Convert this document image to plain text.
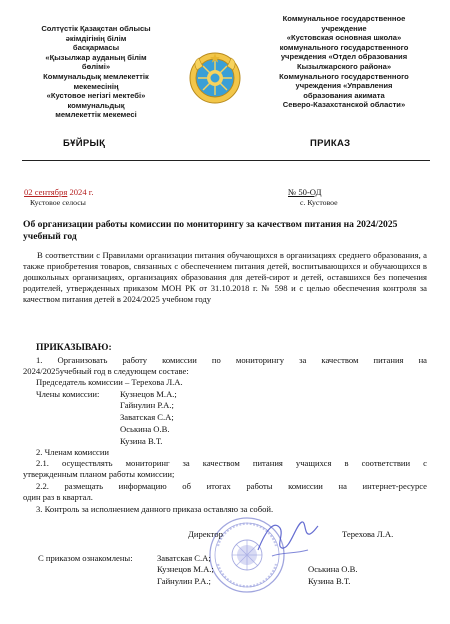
Солтүстік Қазақстан облысы
әкімдігінің білім
басқармасы
«Қызылжар ауданың білім
бөлімі»
Коммунальдық мемлекеттік
мекемесінің
«Кустовое негізгі мектебі»
коммунальдық
мемлекеттік мекемесі
Коммунальное государственное
учреждение
«Кустовская основная школа»
коммунального государственного
учреждения «Отдел образования
Кызылжарского района»
Коммунального государственного
учреждения «Управления
образования акимата
Северо-Казахстанской области»
БҰЙРЫҚ	ПРИКАЗ
02 сентября 2024 г.
Кустовое селосы
№ 50-ОД
с. Кустовое
Об организации работы комиссии по мониторингу за качеством питания на 2024/2025 учебный год
В соответствии с Правилами организации питания обучающихся в организациях среднего образования, а также приобретения товаров, связанных с обеспечением питания детей, воспитывающихся и обучающихся в дошкольных организациях, организациях образования для детей-сирот и детей, оставшихся без попечения родителей, утвержденных приказом МОН РК от 31.10.2018 г. № 598 и с целью обеспечения контроля за качеством питания детей в 2024/2025 учебном году
ПРИКАЗЫВАЮ:
1. Организовать работу комиссии по мониторингу за качеством питания на
2024/2025учебный год в следующем составе:
Председатель комиссии – Терехова Л.А.
Члены комиссии: Кузнецов М.А.;
Гайнулин Р.А.;
Заватская С.А;
Оськина О.В.
Кузина В.Т.
2. Членам комиссии
2.1. осуществлять мониторинг за качеством питания учащихся в соответствии с
утвержденным планом работы комиссии;
2.2. размещать информацию об итогах работы комиссии на интернет-ресурсе
один раз в квартал.
3. Контроль за исполнением данного приказа оставляю за собой.
Директор	Терехова Л.А.
С приказом ознакомлены:	Заватская С.А;
Кузнецов М.А.;
Гайнулин Р.А.;
Оськина О.В.
Кузина В.Т.
